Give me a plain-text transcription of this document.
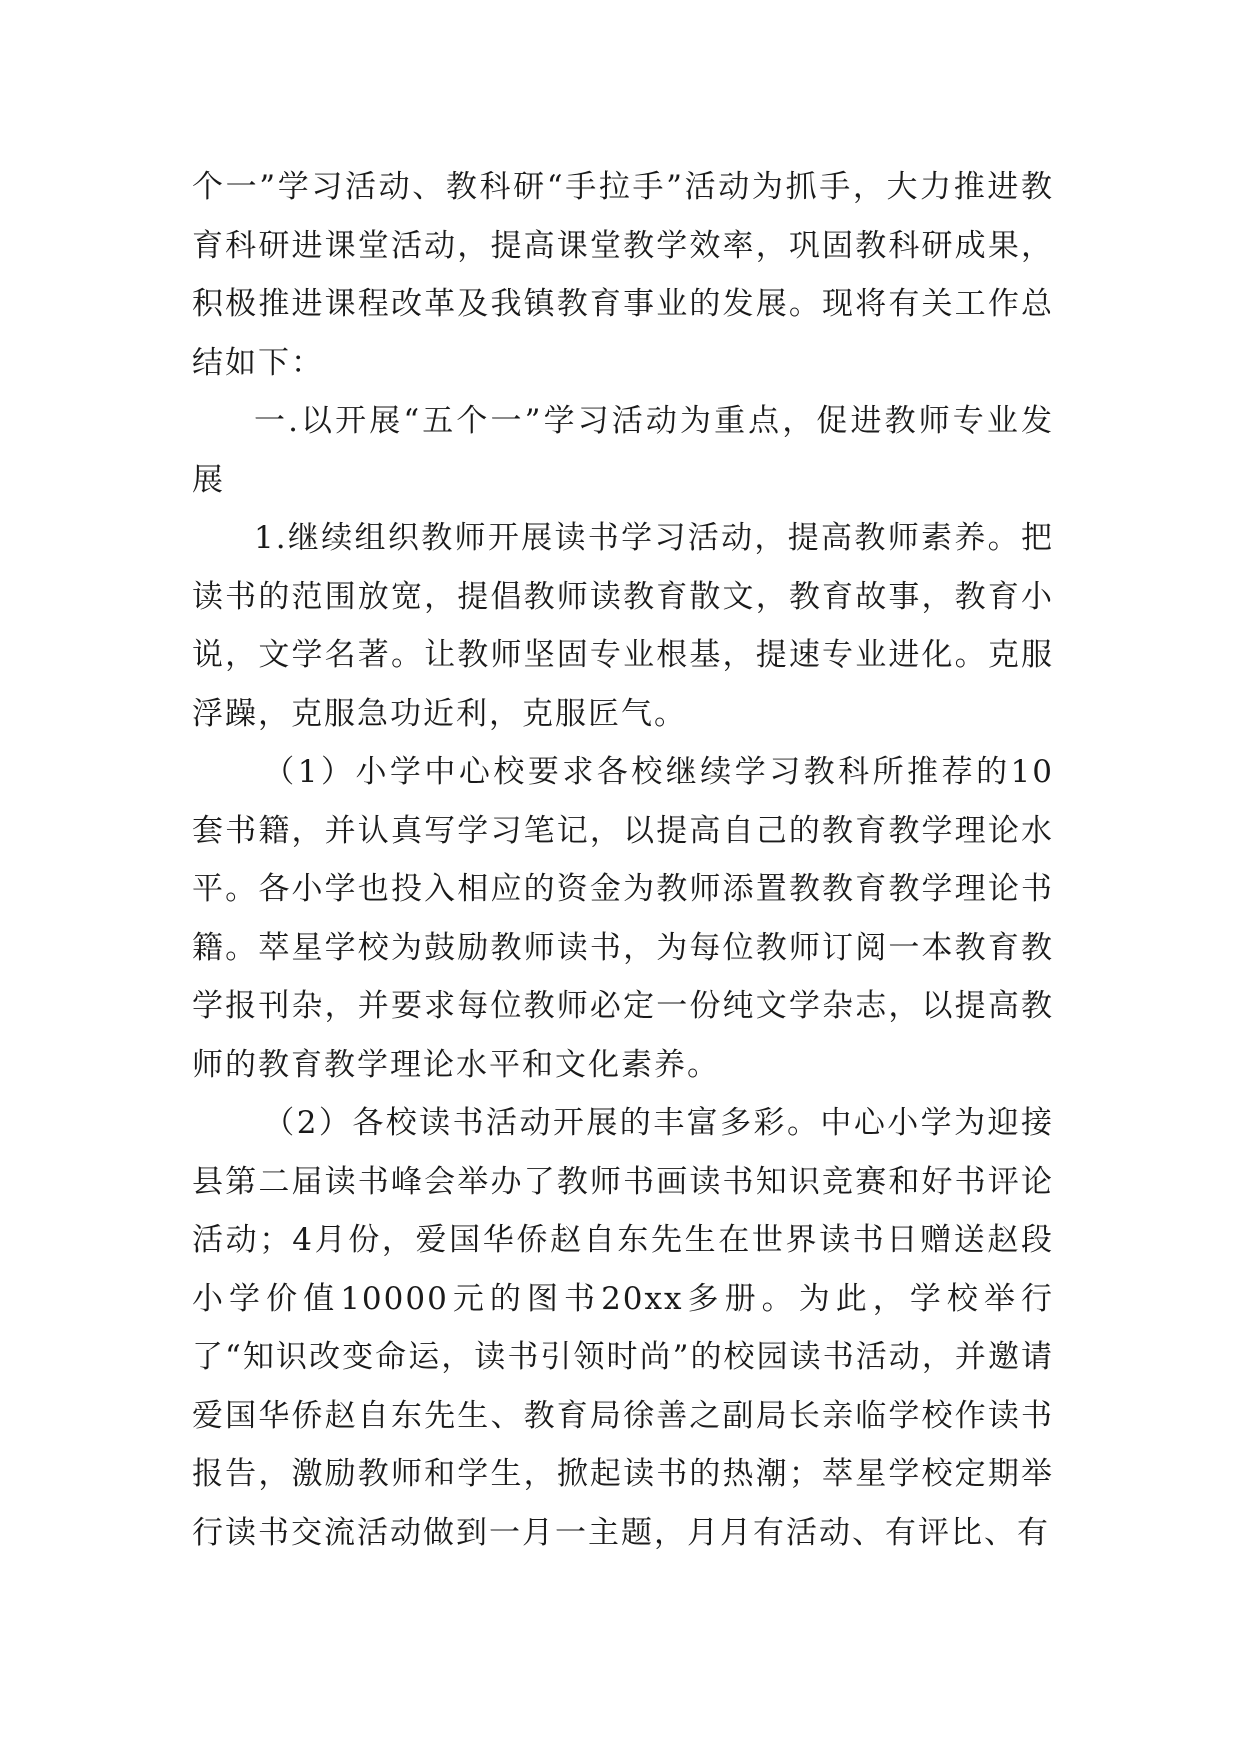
个一”学习活动、教科研“手拉手”活动为抓手，大力推进教育科研进课堂活动，提高课堂教学效率，巩固教科研成果，积极推进课程改革及我镇教育事业的发展。现将有关工作总结如下：

一.以开展“五个一”学习活动为重点，促进教师专业发展

1.继续组织教师开展读书学习活动，提高教师素养。把读书的范围放宽，提倡教师读教育散文，教育故事，教育小说，文学名著。让教师坚固专业根基，提速专业进化。克服浮躁，克服急功近利，克服匠气。

（1）小学中心校要求各校继续学习教科所推荐的10套书籍，并认真写学习笔记，以提高自己的教育教学理论水平。各小学也投入相应的资金为教师添置教教育教学理论书籍。萃星学校为鼓励教师读书，为每位教师订阅一本教育教学报刊杂，并要求每位教师必定一份纯文学杂志，以提高教师的教育教学理论水平和文化素养。

（2）各校读书活动开展的丰富多彩。中心小学为迎接县第二届读书峰会举办了教师书画读书知识竞赛和好书评论活动；4月份，爱国华侨赵自东先生在世界读书日赠送赵段小学价值10000元的图书20xx多册。为此，学校举行了“知识改变命运，读书引领时尚”的校园读书活动，并邀请爱国华侨赵自东先生、教育局徐善之副局长亲临学校作读书报告，激励教师和学生，掀起读书的热潮；萃星学校定期举行读书交流活动做到一月一主题，月月有活动、有评比、有
